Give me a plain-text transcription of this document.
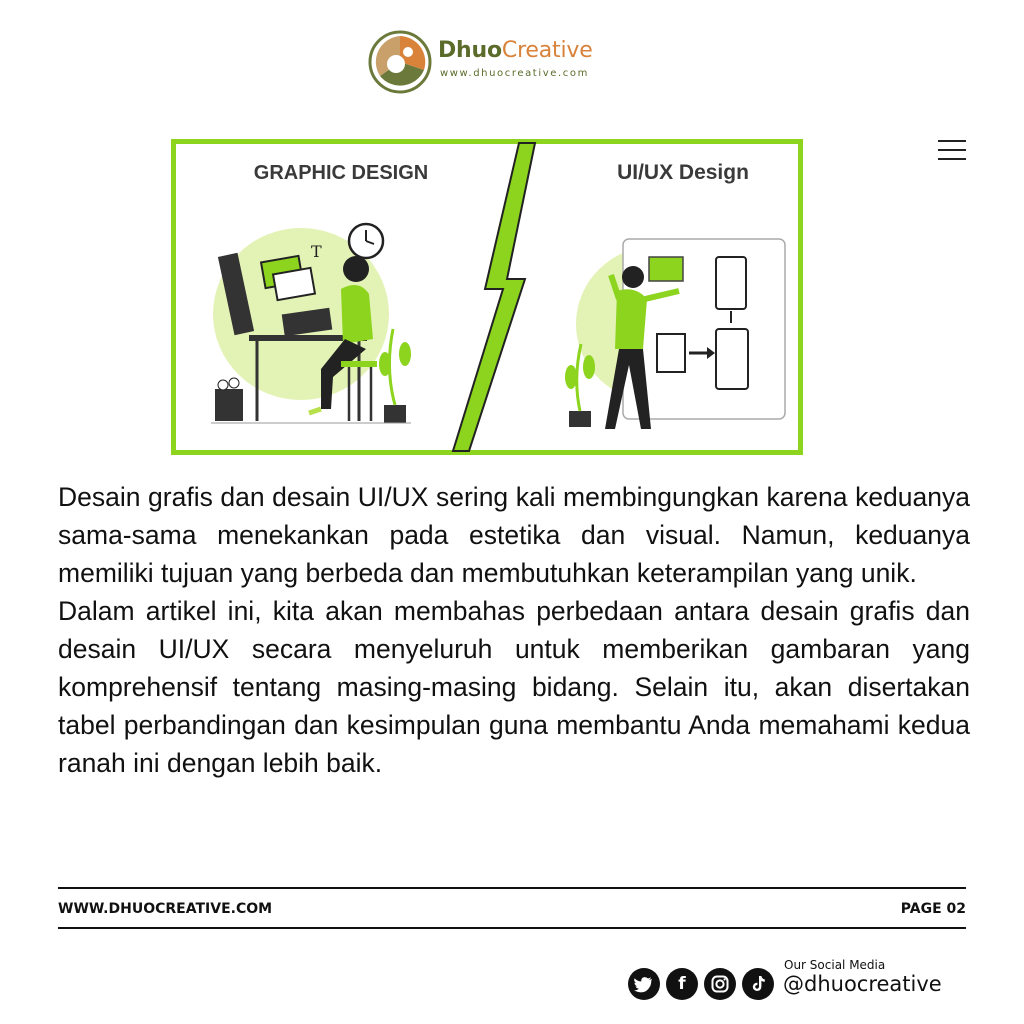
DhuoCreative
www.dhuocreative.com
GRAPHIC DESIGN	UI/UX Design
T

Desain grafis dan desain UI/UX sering kali membingungkan karena keduanya sama-sama menekankan pada estetika dan visual. Namun, keduanya memiliki tujuan yang berbeda dan membutuhkan keterampilan yang unik.

Dalam artikel ini, kita akan membahas perbedaan antara desain grafis dan desain UI/UX secara menyeluruh untuk memberikan gambaran yang komprehensif tentang masing-masing bidang. Selain itu, akan disertakan tabel perbandingan dan kesimpulan guna membantu Anda memahami kedua ranah ini dengan lebih baik.

WWW.DHUOCREATIVE.COM	PAGE 02
f
Our Social Media
@dhuocreative
